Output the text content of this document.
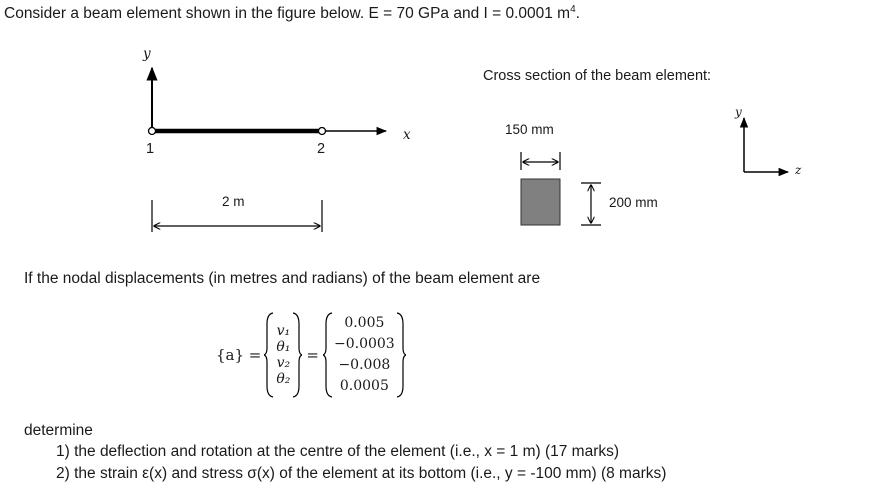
Consider a beam element shown in the figure below. E = 70 GPa and I = 0.0001 $m^4$.
y
x
1	2
2 m
Cross section of the beam element:
150 mm
200 mm
y
z
If the nodal displacements (in metres and radians) of the beam element are
{a} =
v₁
θ₁
v₂
θ₂
=
0.005
−0.0003
−0.008
0.0005
determine
1) the deflection and rotation at the centre of the element (i.e., x = 1 m) (17 marks)
2) the strain ε(x) and stress σ(x) of the element at its bottom (i.e., y = -100 mm) (8 marks)
